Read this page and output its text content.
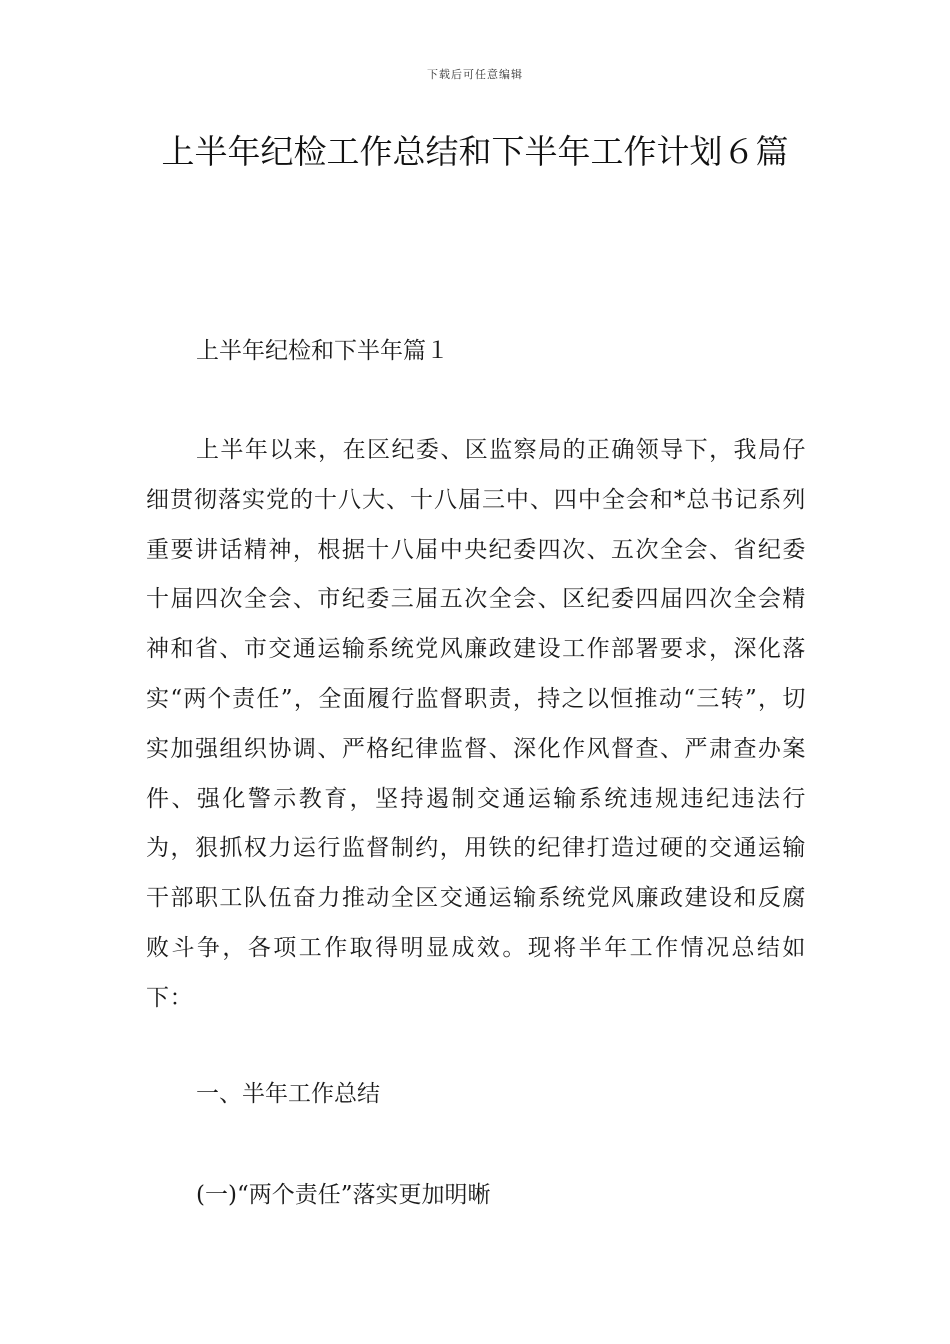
下载后可任意编辑
上半年纪检工作总结和下半年工作计划６篇

上半年纪检和下半年篇１

上半年以来，在区纪委、区监察局的正确领导下，我局仔细贯彻落实党的十八大、十八届三中、四中全会和*总书记系列重要讲话精神，根据十八届中央纪委四次、五次全会、省纪委十届四次全会、市纪委三届五次全会、区纪委四届四次全会精神和省、市交通运输系统党风廉政建设工作部署要求，深化落实“两个责任”，全面履行监督职责，持之以恒推动“三转”，切实加强组织协调、严格纪律监督、深化作风督查、严肃查办案件、强化警示教育，坚持遏制交通运输系统违规违纪违法行为，狠抓权力运行监督制约，用铁的纪律打造过硬的交通运输干部职工队伍奋力推动全区交通运输系统党风廉政建设和反腐败斗争，各项工作取得明显成效。现将半年工作情况总结如下：

一、半年工作总结

(一)“两个责任”落实更加明晰
